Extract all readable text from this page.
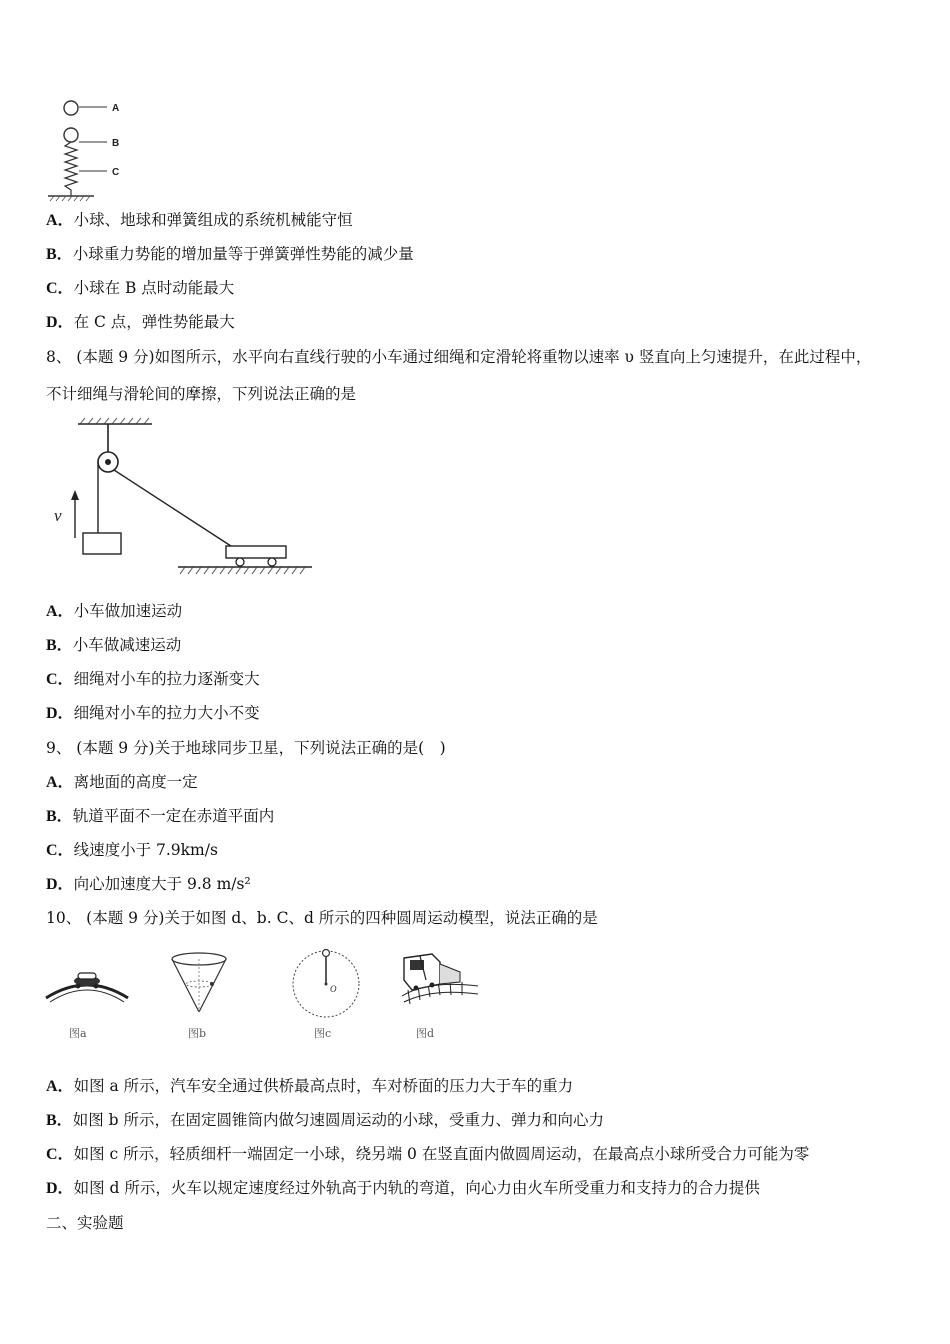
A
B
C
A．小球、地球和弹簧组成的系统机械能守恒
B．小球重力势能的增加量等于弹簧弹性势能的减少量
C．小球在 B 点时动能最大
D．在 C 点，弹性势能最大
8、 (本题 9 分)如图所示，水平向右直线行驶的小车通过细绳和定滑轮将重物以速率 υ 竖直向上匀速提升，在此过程中，
不计细绳与滑轮间的摩擦，下列说法正确的是
v
A．小车做加速运动
B．小车做减速运动
C．细绳对小车的拉力逐渐变大
D．细绳对小车的拉力大小不变
9、 (本题 9 分)关于地球同步卫星，下列说法正确的是(　)
A．离地面的高度一定
B．轨道平面不一定在赤道平面内
C．线速度小于 7.9km/s
D．向心加速度大于 9.8 m/s²
10、 (本题 9 分)关于如图 d、b. C、d 所示的四种圆周运动模型，说法正确的是
图a	图b
O
图c	图d
A．如图 a 所示，汽车安全通过供桥最高点时，车对桥面的压力大于车的重力
B．如图 b 所示，在固定圆锥筒内做匀速圆周运动的小球，受重力、弹力和向心力
C．如图 c 所示，轻质细杆一端固定一小球，绕另端 0 在竖直面内做圆周运动，在最高点小球所受合力可能为零
D．如图 d 所示，火车以规定速度经过外轨高于内轨的弯道，向心力由火车所受重力和支持力的合力提供
二、实验题
